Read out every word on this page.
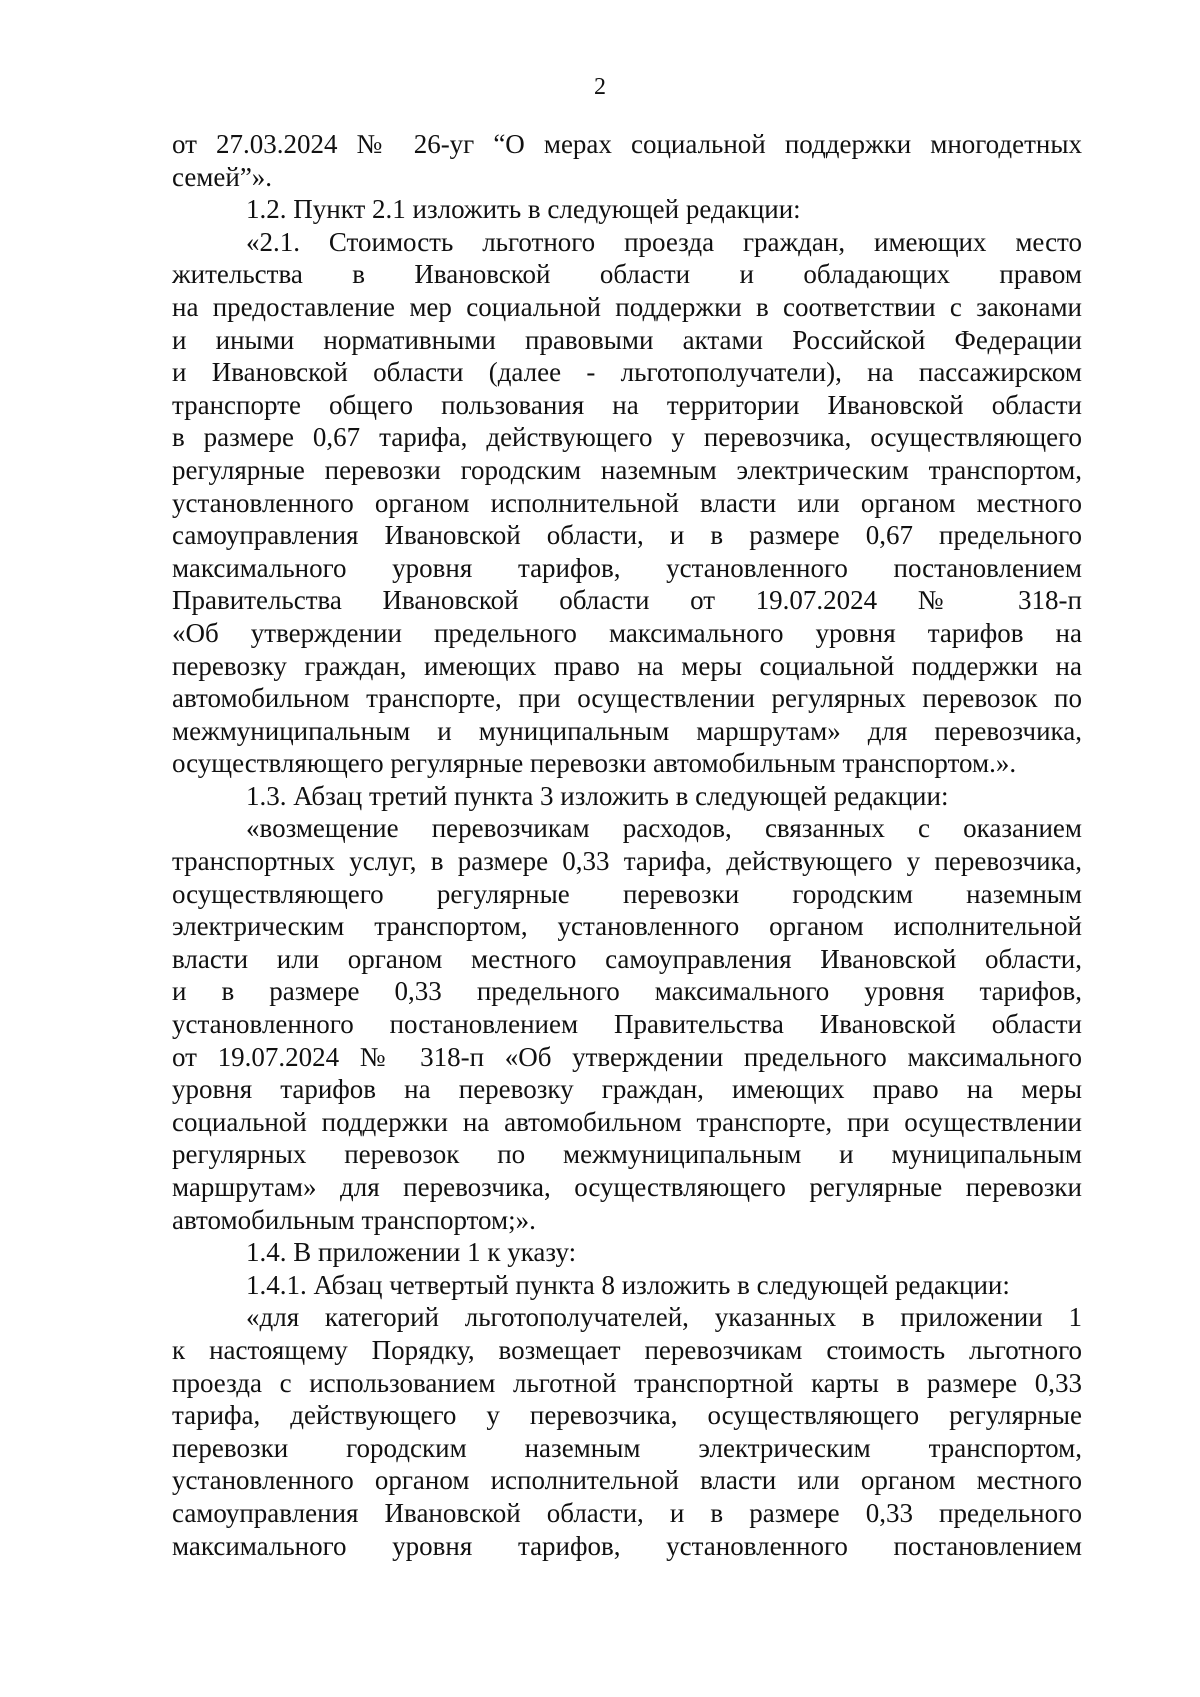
2
от 27.03.2024 № 26-уг “О мерах социальной поддержки многодетных
семей”».
1.2. Пункт 2.1 изложить в следующей редакции:
«2.1. Стоимость льготного проезда граждан, имеющих место
жительства в Ивановской области и обладающих правом
на предоставление мер социальной поддержки в соответствии с законами
и иными нормативными правовыми актами Российской Федерации
и Ивановской области (далее - льготополучатели), на пассажирском
транспорте общего пользования на территории Ивановской области
в размере 0,67 тарифа, действующего у перевозчика, осуществляющего
регулярные перевозки городским наземным электрическим транспортом,
установленного органом исполнительной власти или органом местного
самоуправления Ивановской области, и в размере 0,67 предельного
максимального уровня тарифов, установленного постановлением
Правительства Ивановской области от 19.07.2024 № 318-п
«Об утверждении предельного максимального уровня тарифов на
перевозку граждан, имеющих право на меры социальной поддержки на
автомобильном транспорте, при осуществлении регулярных перевозок по
межмуниципальным и муниципальным маршрутам» для перевозчика,
осуществляющего регулярные перевозки автомобильным транспортом.».
1.3. Абзац третий пункта 3 изложить в следующей редакции:
«возмещение перевозчикам расходов, связанных с оказанием
транспортных услуг, в размере 0,33 тарифа, действующего у перевозчика,
осуществляющего регулярные перевозки городским наземным
электрическим транспортом, установленного органом исполнительной
власти или органом местного самоуправления Ивановской области,
и в размере 0,33 предельного максимального уровня тарифов,
установленного постановлением Правительства Ивановской области
от 19.07.2024 № 318-п «Об утверждении предельного максимального
уровня тарифов на перевозку граждан, имеющих право на меры
социальной поддержки на автомобильном транспорте, при осуществлении
регулярных перевозок по межмуниципальным и муниципальным
маршрутам» для перевозчика, осуществляющего регулярные перевозки
автомобильным транспортом;».
1.4. В приложении 1 к указу:
1.4.1. Абзац четвертый пункта 8 изложить в следующей редакции:
«для категорий льготополучателей, указанных в приложении 1
к настоящему Порядку, возмещает перевозчикам стоимость льготного
проезда с использованием льготной транспортной карты в размере 0,33
тарифа, действующего у перевозчика, осуществляющего регулярные
перевозки городским наземным электрическим транспортом,
установленного органом исполнительной власти или органом местного
самоуправления Ивановской области, и в размере 0,33 предельного
максимального уровня тарифов, установленного постановлением
